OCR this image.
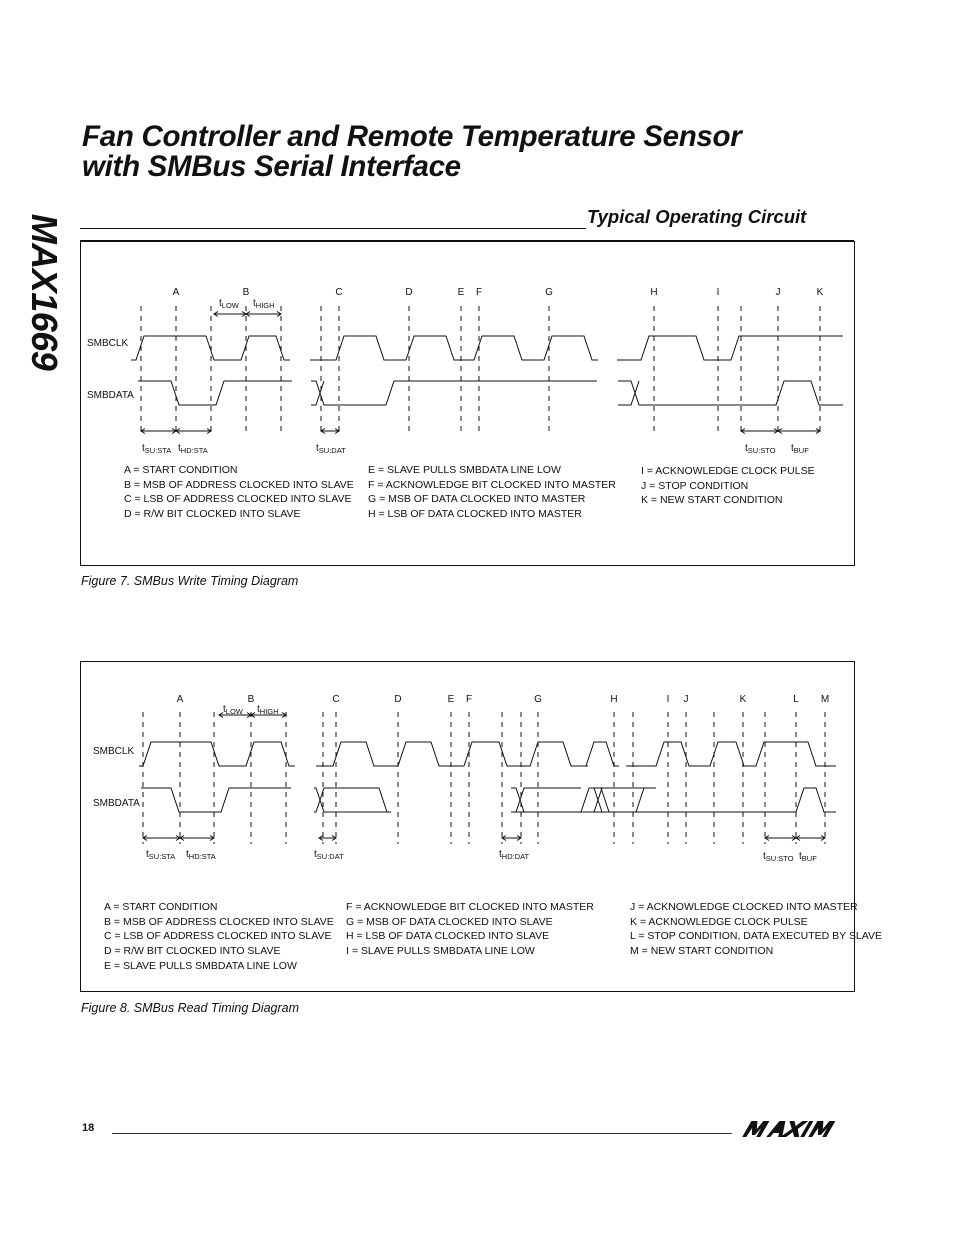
MAX1669
Fan Controller and Remote Temperature Sensor
with SMBus Serial Interface
Typical Operating Circuit
SMBCLK
SMBDATA
A	B	C	D	E F	G	H	I	J	K
$t_{LOW}$ $t_{HIGH}$
$t_{SU:STA}$ $t_{HD:STA}$	$t_{SU:DAT}$	$t_{SU:STO}$ $t_{BUF}$
A = START CONDITION
B = MSB OF ADDRESS CLOCKED INTO SLAVE
C = LSB OF ADDRESS CLOCKED INTO SLAVE
D = R/W BIT CLOCKED INTO SLAVE
E = SLAVE PULLS SMBDATA LINE LOW
F = ACKNOWLEDGE BIT CLOCKED INTO MASTER
G = MSB OF DATA CLOCKED INTO MASTER
H = LSB OF DATA CLOCKED INTO MASTER
I = ACKNOWLEDGE CLOCK PULSE
J = STOP CONDITION
K = NEW START CONDITION
Figure 7. SMBus Write Timing Diagram
SMBCLK
SMBDATA
A	B	C	D	E F	G	H	I J	K	L M
$t_{LOW}$ $t_{HIGH}$
$t_{SU:STA}$ $t_{HD:STA}$	$t_{SU:DAT}$	$t_{HD:DAT}$	$t_{SU:STO}$ $t_{BUF}$
A = START CONDITION
B = MSB OF ADDRESS CLOCKED INTO SLAVE
C = LSB OF ADDRESS CLOCKED INTO SLAVE
D = R/W BIT CLOCKED INTO SLAVE
E = SLAVE PULLS SMBDATA LINE LOW
F = ACKNOWLEDGE BIT CLOCKED INTO MASTER
G = MSB OF DATA CLOCKED INTO SLAVE
H = LSB OF DATA CLOCKED INTO SLAVE
I = SLAVE PULLS SMBDATA LINE LOW
J = ACKNOWLEDGE CLOCKED INTO MASTER
K = ACKNOWLEDGE CLOCK PULSE
L = STOP CONDITION, DATA EXECUTED BY SLAVE
M = NEW START CONDITION
Figure 8. SMBus Read Timing Diagram
18
